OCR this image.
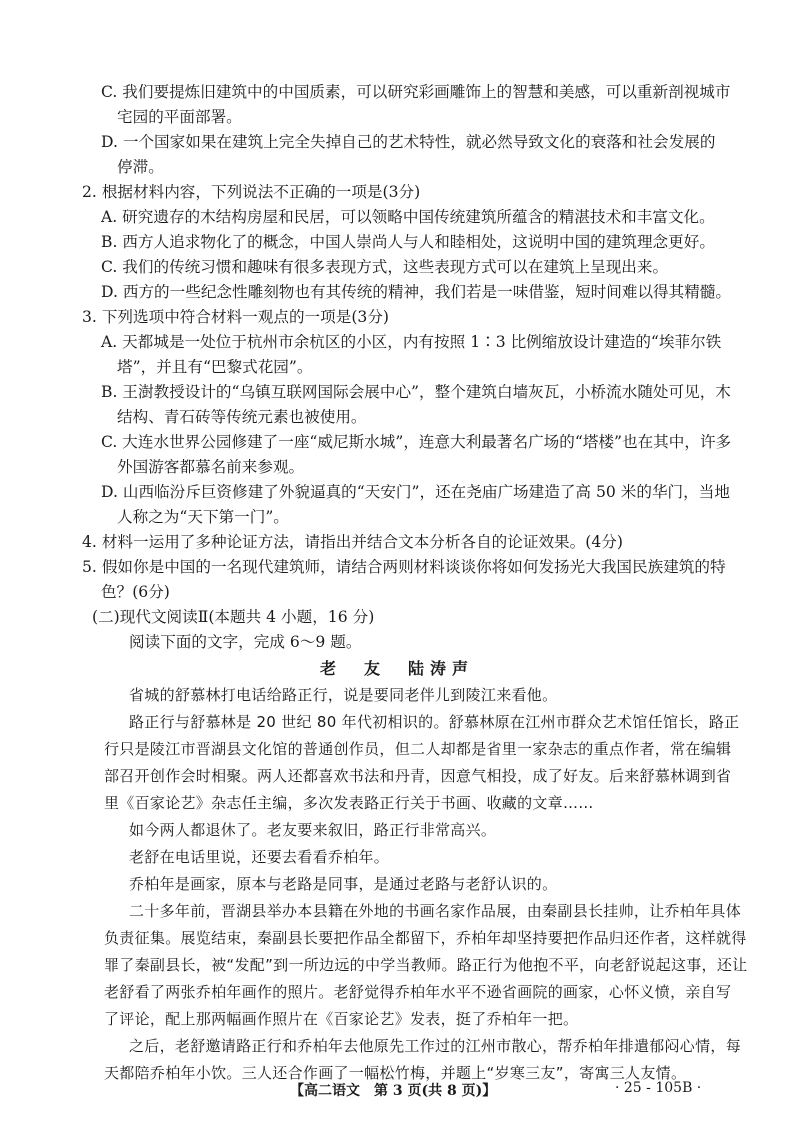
C. 我们要提炼旧建筑中的中国质素，可以研究彩画雕饰上的智慧和美感，可以重新剖视城市
宅园的平面部署。
D. 一个国家如果在建筑上完全失掉自己的艺术特性，就必然导致文化的衰落和社会发展的
停滞。
2. 根据材料内容，下列说法不正确的一项是(3分)
A. 研究遗存的木结构房屋和民居，可以领略中国传统建筑所蕴含的精湛技术和丰富文化。
B. 西方人追求物化了的概念，中国人崇尚人与人和睦相处，这说明中国的建筑理念更好。
C. 我们的传统习惯和趣味有很多表现方式，这些表现方式可以在建筑上呈现出来。
D. 西方的一些纪念性雕刻物也有其传统的精神，我们若是一味借鉴，短时间难以得其精髓。
3. 下列选项中符合材料一观点的一项是(3分)
A. 天都城是一处位于杭州市余杭区的小区，内有按照 1∶3 比例缩放设计建造的“埃菲尔铁
塔”，并且有“巴黎式花园”。
B. 王澍教授设计的“乌镇互联网国际会展中心”，整个建筑白墙灰瓦，小桥流水随处可见，木
结构、青石砖等传统元素也被使用。
C. 大连水世界公园修建了一座“威尼斯水城”，连意大利最著名广场的“塔楼”也在其中，许多
外国游客都慕名前来参观。
D. 山西临汾斥巨资修建了外貌逼真的“天安门”，还在尧庙广场建造了高 50 米的华门，当地
人称之为“天下第一门”。
4. 材料一运用了多种论证方法，请指出并结合文本分析各自的论证效果。(4分)
5. 假如你是中国的一名现代建筑师，请结合两则材料谈谈你将如何发扬光大我国民族建筑的特
色？(6分)
(二)现代文阅读Ⅱ(本题共 4 小题，16 分)
阅读下面的文字，完成 6～9 题。
省城的舒慕林打电话给路正行，说是要同老伴儿到陵江来看他。
路正行与舒慕林是 20 世纪 80 年代初相识的。舒慕林原在江州市群众艺术馆任馆长，路正
行只是陵江市晋湖县文化馆的普通创作员，但二人却都是省里一家杂志的重点作者，常在编辑
部召开创作会时相聚。两人还都喜欢书法和丹青，因意气相投，成了好友。后来舒慕林调到省
里《百家论艺》杂志任主编，多次发表路正行关于书画、收藏的文章……
如今两人都退休了。老友要来叙旧，路正行非常高兴。
老舒在电话里说，还要去看看乔柏年。
乔柏年是画家，原本与老路是同事，是通过老路与老舒认识的。
二十多年前，晋湖县举办本县籍在外地的书画名家作品展，由秦副县长挂帅，让乔柏年具体
负责征集。展览结束，秦副县长要把作品全都留下，乔柏年却坚持要把作品归还作者，这样就得
罪了秦副县长，被“发配”到一所边远的中学当教师。路正行为他抱不平，向老舒说起这事，还让
老舒看了两张乔柏年画作的照片。老舒觉得乔柏年水平不逊省画院的画家，心怀义愤，亲自写
了评论，配上那两幅画作照片在《百家论艺》发表，挺了乔柏年一把。
之后，老舒邀请路正行和乔柏年去他原先工作过的江州市散心，帮乔柏年排遣郁闷心情，每
天都陪乔柏年小饮。三人还合作画了一幅松竹梅，并题上“岁寒三友”，寄寓三人友情。
老　友　陆涛声
【高二语文　第 3 页(共 8 页)】	· 25 - 105B ·
